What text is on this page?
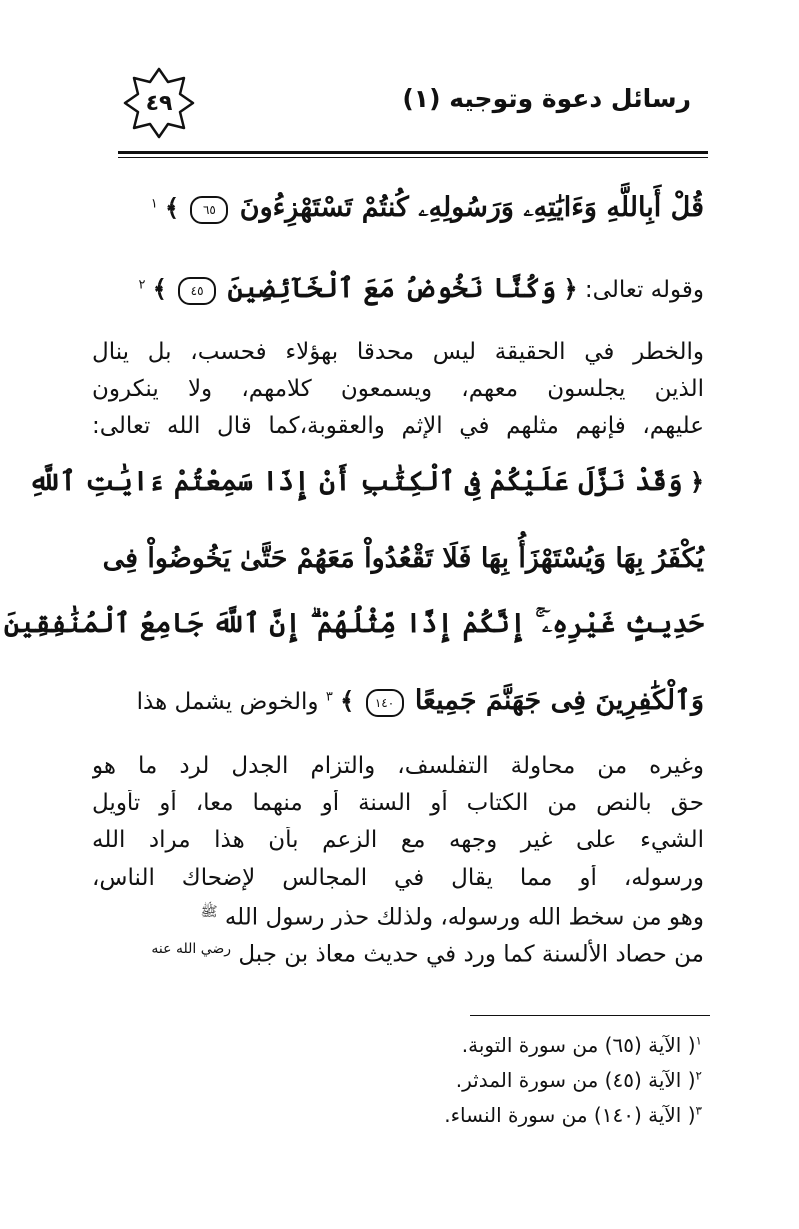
٤٩	رسائل دعوة وتوجيه (١)
قُلْ أَبِاللَّهِ وَءَايَٰتِهِۦ وَرَسُولِهِۦ كُنتُمْ تَسْتَهْزِءُونَ ٦٥ ﴾ $^١$
وقوله تعالى: ﴿ وَكُنَّا نَخُوضُ مَعَ ٱلْخَآئِضِينَ ٤٥ ﴾ $^٢$
والخطر في الحقيقة ليس محدقا بهؤلاء فحسب، بل ينال
الذين يجلسون معهم، ويسمعون كلامهم، ولا ينكرون
عليهم، فإنهم مثلهم في الإثم والعقوبة،كما قال الله تعالى:
﴿ وَقَدْ نَزَّلَ عَلَيْكُمْ فِى ٱلْكِتَٰبِ أَنْ إِذَا سَمِعْتُمْ ءَايَٰتِ ٱللَّهِ
يُكْفَرُ بِهَا وَيُسْتَهْزَأُ بِهَا فَلَا تَقْعُدُواْ مَعَهُمْ حَتَّىٰ يَخُوضُواْ فِى
حَدِيثٍ غَيْرِهِۦٓ ۚ إِنَّكُمْ إِذًا مِّثْلُهُمْ ۗ إِنَّ ٱللَّهَ جَامِعُ ٱلْمُنَٰفِقِينَ
وَٱلْكَٰفِرِينَ فِى جَهَنَّمَ جَمِيعًا ١٤٠ ﴾ $^٣$ والخوض يشمل هذا
وغيره من محاولة التفلسف، والتزام الجدل لرد ما هو
حق بالنص من الكتاب أو السنة أو منهما معا، أو تأويل
الشيء على غير وجهه مع الزعم بأن هذا مراد الله
ورسوله، أو مما يقال في المجالس لإضحاك الناس،
وهو من سخط الله ورسوله، ولذلك حذر رسول الله $^ﷺ$
من حصاد الألسنة كما ورد في حديث معاذ بن جبل $^{رضي الله عنه}$
$^١$( الآية (٦٥) من سورة التوبة.
$^٢$( الآية (٤٥) من سورة المدثر.
$^٣$( الآية (١٤٠) من سورة النساء.
